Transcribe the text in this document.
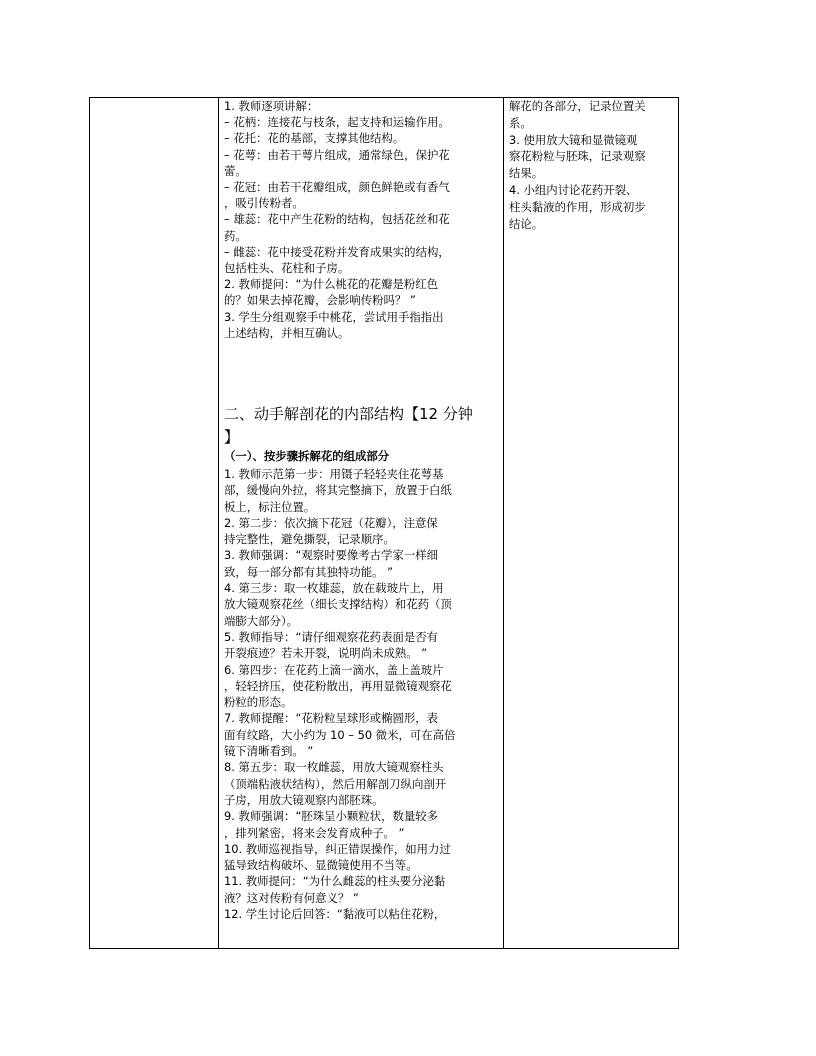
1. 教师逐项讲解：
– 花柄：连接花与枝条，起支持和运输作用。
– 花托：花的基部，支撑其他结构。
– 花萼：由若干萼片组成，通常绿色，保护花
蕾。
– 花冠：由若干花瓣组成，颜色鲜艳或有香气
，吸引传粉者。
– 雄蕊：花中产生花粉的结构，包括花丝和花
药。
– 雌蕊：花中接受花粉并发育成果实的结构，
包括柱头、花柱和子房。
2. 教师提问：“为什么桃花的花瓣是粉红色
的？如果去掉花瓣，会影响传粉吗？ ”
3. 学生分组观察手中桃花，尝试用手指指出
上述结构，并相互确认。
二、动手解剖花的内部结构【12 分钟
】
（一）、按步骤拆解花的组成部分
1. 教师示范第一步：用镊子轻轻夹住花萼基
部，缓慢向外拉，将其完整摘下，放置于白纸
板上，标注位置。
2. 第二步：依次摘下花冠（花瓣），注意保
持完整性，避免撕裂，记录顺序。
3. 教师强调：“观察时要像考古学家一样细
致，每一部分都有其独特功能。 ”
4. 第三步：取一枚雄蕊，放在载玻片上，用
放大镜观察花丝（细长支撑结构）和花药（顶
端膨大部分）。
5. 教师指导：“请仔细观察花药表面是否有
开裂痕迹？若未开裂，说明尚未成熟。 ”
6. 第四步：在花药上滴一滴水，盖上盖玻片
，轻轻挤压，使花粉散出，再用显微镜观察花
粉粒的形态。
7. 教师提醒：“花粉粒呈球形或椭圆形，表
面有纹路，大小约为 10 – 50 微米，可在高倍
镜下清晰看到。 ”
8. 第五步：取一枚雌蕊，用放大镜观察柱头
（顶端粘液状结构），然后用解剖刀纵向剖开
子房，用放大镜观察内部胚珠。
9. 教师强调：“胚珠呈小颗粒状，数量较多
，排列紧密，将来会发育成种子。 ”
10. 教师巡视指导，纠正错误操作，如用力过
猛导致结构破坏、显微镜使用不当等。
11. 教师提问：“为什么雌蕊的柱头要分泌黏
液？这对传粉有何意义？ ”
12. 学生讨论后回答：“黏液可以粘住花粉，
解花的各部分，记录位置关
系。
3. 使用放大镜和显微镜观
察花粉粒与胚珠，记录观察
结果。
4. 小组内讨论花药开裂、
柱头黏液的作用，形成初步
结论。
